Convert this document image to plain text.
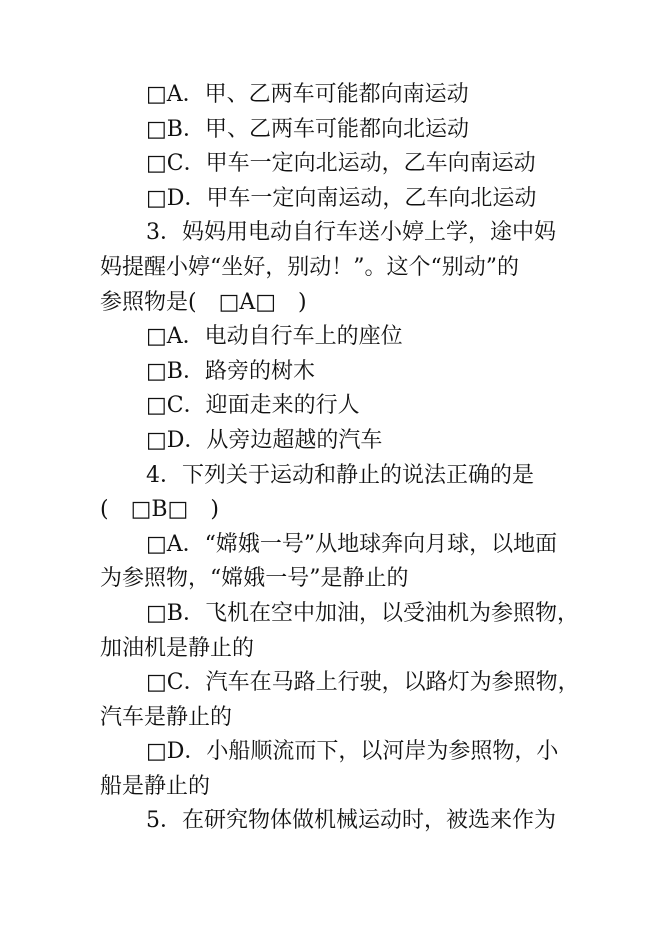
□A．甲、乙两车可能都向南运动
□B．甲、乙两车可能都向北运动
□C．甲车一定向北运动，乙车向南运动
□D．甲车一定向南运动，乙车向北运动
3．妈妈用电动自行车送小婷上学，途中妈
妈提醒小婷“坐好，别动！”。这个“别动”的
参照物是(　□A□　)
□A．电动自行车上的座位
□B．路旁的树木
□C．迎面走来的行人
□D．从旁边超越的汽车
4．下列关于运动和静止的说法正确的是
(　□B□　)
□A．“嫦娥一号”从地球奔向月球，以地面
为参照物，“嫦娥一号”是静止的
□B．飞机在空中加油，以受油机为参照物，
加油机是静止的
□C．汽车在马路上行驶，以路灯为参照物，
汽车是静止的
□D．小船顺流而下，以河岸为参照物，小
船是静止的
5．在研究物体做机械运动时，被选来作为
